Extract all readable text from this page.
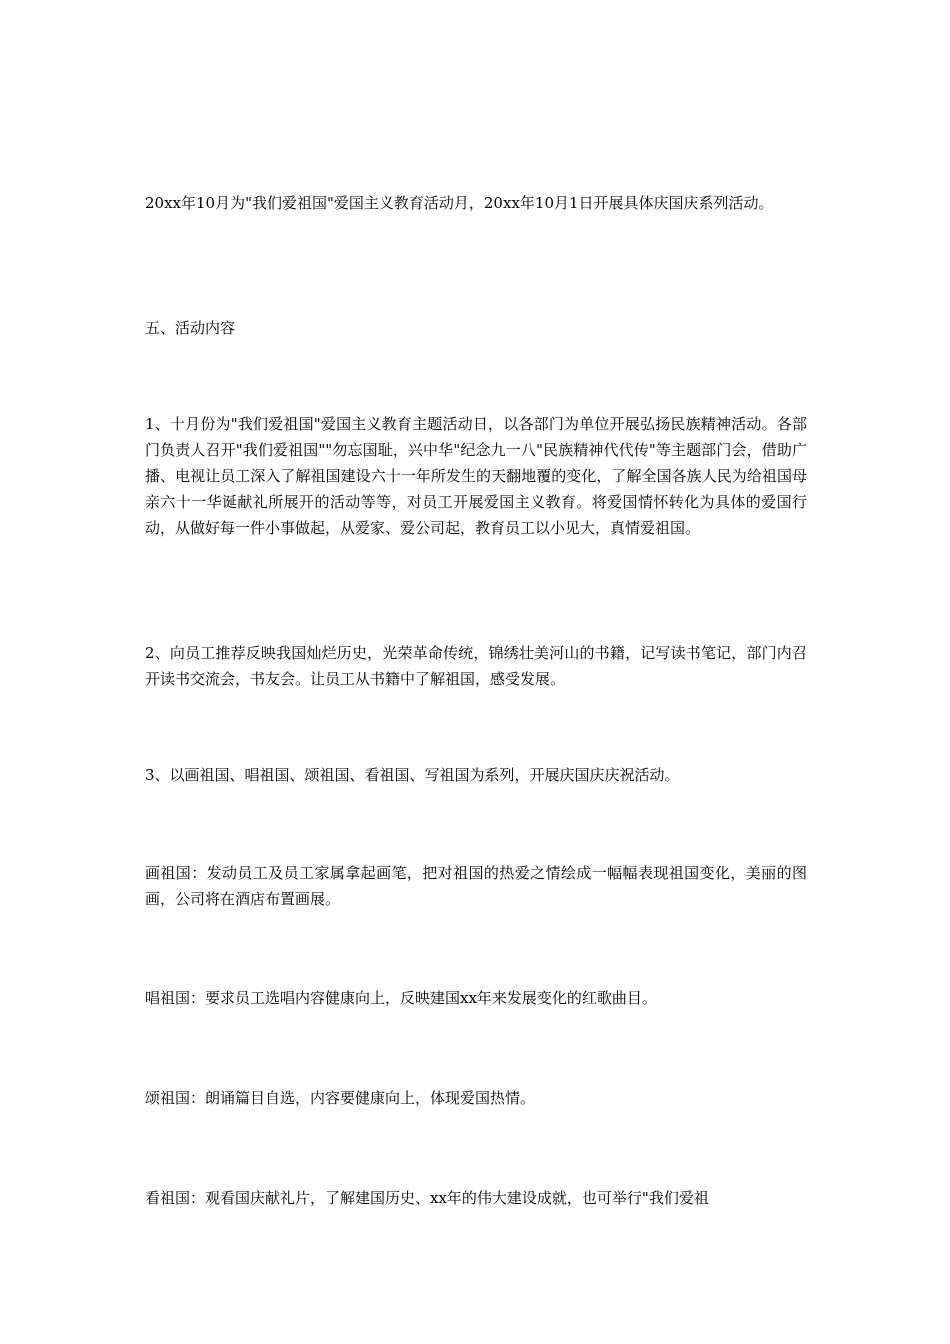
20xx年10月为"我们爱祖国"爱国主义教育活动月，20xx年10月1日开展具体庆国庆系列活动。

五、活动内容

1、十月份为"我们爱祖国"爱国主义教育主题活动日，以各部门为单位开展弘扬民族精神活动。各部门负责人召开"我们爱祖国""勿忘国耻，兴中华"纪念九一八"民族精神代代传"等主题部门会，借助广播、电视让员工深入了解祖国建设六十一年所发生的天翻地覆的变化，了解全国各族人民为给祖国母亲六十一华诞献礼所展开的活动等等，对员工开展爱国主义教育。将爱国情怀转化为具体的爱国行动，从做好每一件小事做起，从爱家、爱公司起，教育员工以小见大，真情爱祖国。

2、向员工推荐反映我国灿烂历史，光荣革命传统，锦绣壮美河山的书籍，记写读书笔记，部门内召开读书交流会，书友会。让员工从书籍中了解祖国，感受发展。

3、以画祖国、唱祖国、颂祖国、看祖国、写祖国为系列，开展庆国庆庆祝活动。

画祖国：发动员工及员工家属拿起画笔，把对祖国的热爱之情绘成一幅幅表现祖国变化，美丽的图画，公司将在酒店布置画展。

唱祖国：要求员工选唱内容健康向上，反映建国xx年来发展变化的红歌曲目。

颂祖国：朗诵篇目自选，内容要健康向上，体现爱国热情。

看祖国：观看国庆献礼片，了解建国历史、xx年的伟大建设成就，也可举行"我们爱祖
